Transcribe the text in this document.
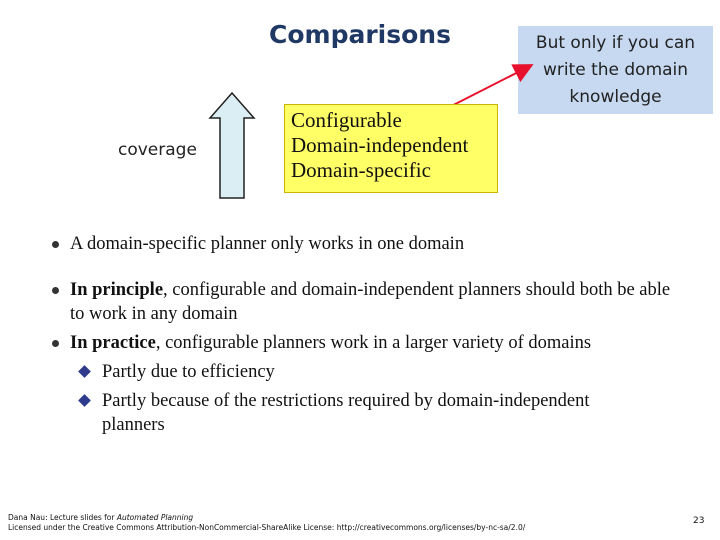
Comparisons	But only if you can
write the domain
knowledge
coverage
Configurable
Domain-independent
Domain-specific
A domain-specific planner only works in one domain
In principle, configurable and domain-independent planners should both be able to work in any domain
In practice, configurable planners work in a larger variety of domains
Partly due to efficiency
Partly because of the restrictions required by domain-independent planners
Dana Nau: Lecture slides for Automated Planning
Licensed under the Creative Commons Attribution-NonCommercial-ShareAlike License: http://creativecommons.org/licenses/by-nc-sa/2.0/
23
